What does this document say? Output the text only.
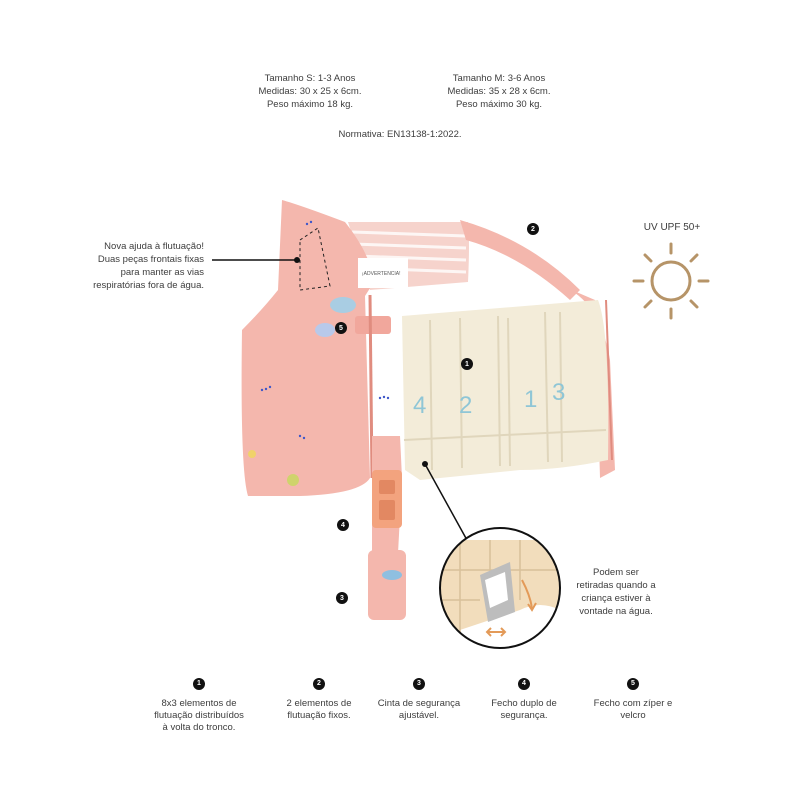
Tamanho S: 1-3 Anos
Medidas: 30 x 25 x 6cm.
Peso máximo 18 kg.
Tamanho M: 3-6 Anos
Medidas: 35 x 28 x 6cm.
Peso máximo 30 kg.
Normativa: EN13138-1:2022.
UV UPF 50+
Nova ajuda à flutuação!
Duas peças frontais fixas
para manter as vias
respiratórias fora de água.
Podem ser
retiradas quando a
criança estiver à
vontade na água.
4 2 1 3
¡ADVERTENCIA!
2
5
1
4
3
1
8x3 elementos de flutuação distribuídos à volta do tronco.
2
2 elementos de flutuação fixos.
3
Cinta de segurança ajustável.
4
Fecho duplo de segurança.
5
Fecho com zíper e velcro
